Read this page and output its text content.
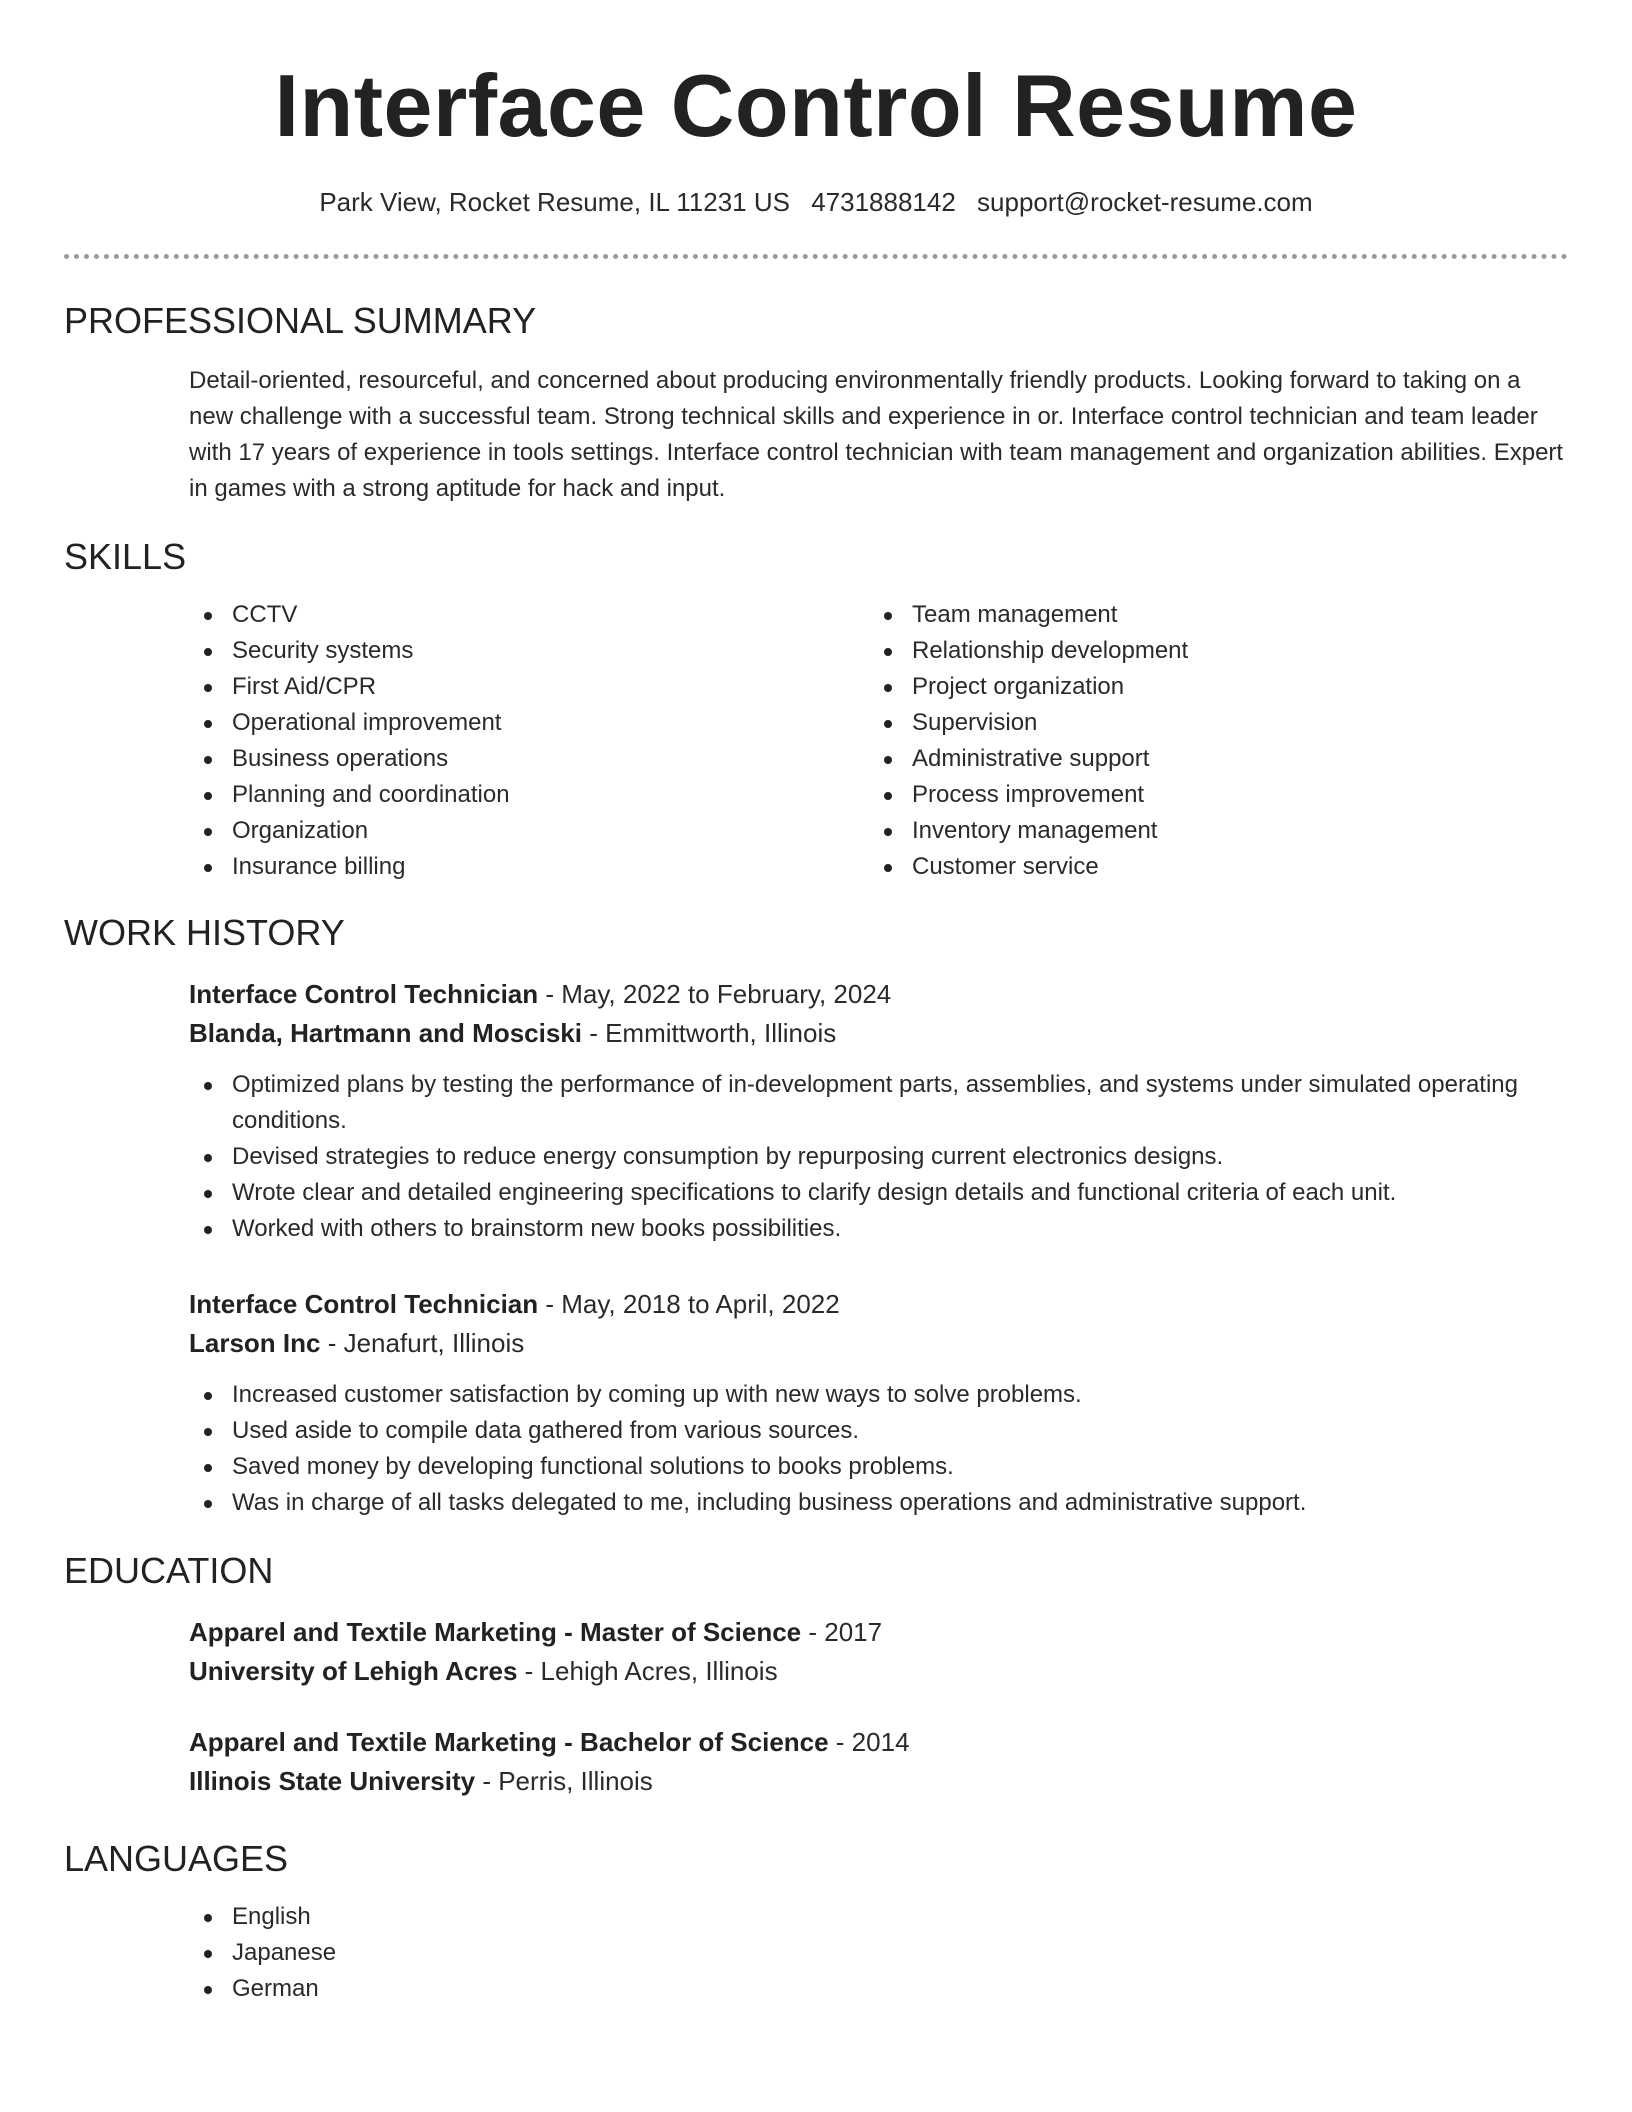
Interface Control Resume
Park View, Rocket Resume, IL 11231 US 4731888142 support@rocket-resume.com
PROFESSIONAL SUMMARY

Detail-oriented, resourceful, and concerned about producing environmentally friendly products. Looking forward to taking on a new challenge with a successful team. Strong technical skills and experience in or. Interface control technician and team leader with 17 years of experience in tools settings. Interface control technician with team management and organization abilities. Expert in games with a strong aptitude for hack and input.

SKILLS
CCTV
Security systems
First Aid/CPR
Operational improvement
Business operations
Planning and coordination
Organization
Insurance billing
Team management
Relationship development
Project organization
Supervision
Administrative support
Process improvement
Inventory management
Customer service
WORK HISTORY
Interface Control Technician - May, 2022 to February, 2024
Blanda, Hartmann and Mosciski - Emmittworth, Illinois
Optimized plans by testing the performance of in-development parts, assemblies, and systems under simulated operating conditions.
Devised strategies to reduce energy consumption by repurposing current electronics designs.
Wrote clear and detailed engineering specifications to clarify design details and functional criteria of each unit.
Worked with others to brainstorm new books possibilities.
Interface Control Technician - May, 2018 to April, 2022
Larson Inc - Jenafurt, Illinois
Increased customer satisfaction by coming up with new ways to solve problems.
Used aside to compile data gathered from various sources.
Saved money by developing functional solutions to books problems.
Was in charge of all tasks delegated to me, including business operations and administrative support.
EDUCATION
Apparel and Textile Marketing - Master of Science - 2017
University of Lehigh Acres - Lehigh Acres, Illinois
Apparel and Textile Marketing - Bachelor of Science - 2014
Illinois State University - Perris, Illinois
LANGUAGES
English
Japanese
German
